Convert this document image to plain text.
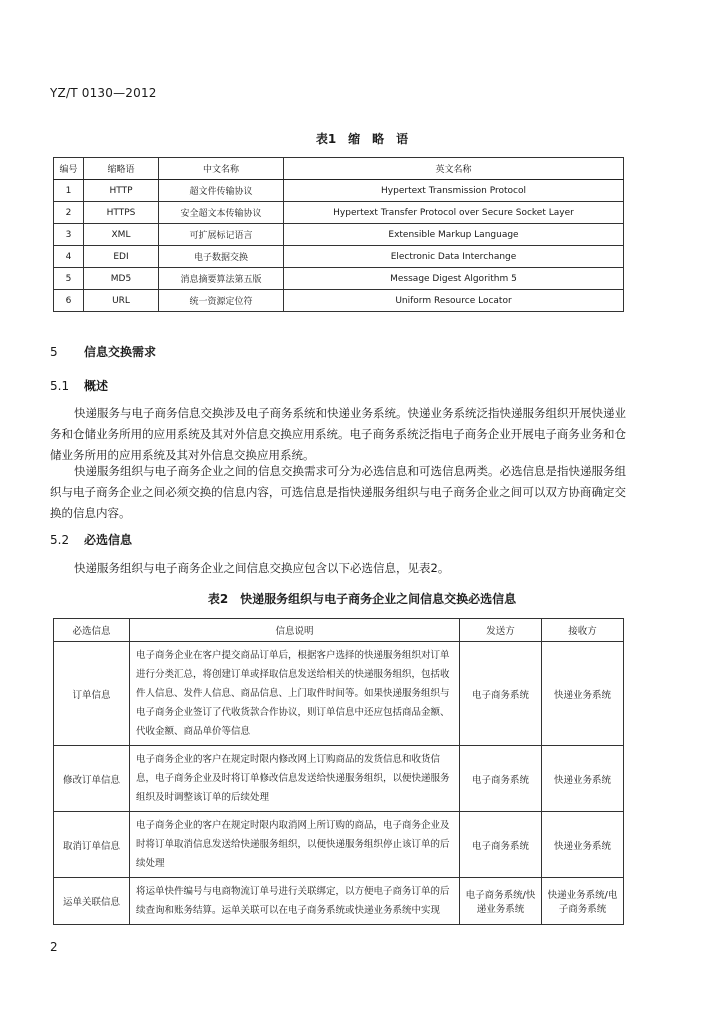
YZ/T 0130—2012
表1　缩　略　语
编号	缩略语	中文名称	英文名称
1	HTTP	超文件传输协议	Hypertext Transmission Protocol
2	HTTPS	安全超文本传输协议	Hypertext Transfer Protocol over Secure Socket Layer
3	XML	可扩展标记语言	Extensible Markup Language
4	EDI	电子数据交换	Electronic Data Interchange
5	MD5	消息摘要算法第五版	Message Digest Algorithm 5
6	URL	统一资源定位符	Uniform Resource Locator
5 信息交换需求
5.1 概述
快递服务与电子商务信息交换涉及电子商务系统和快递业务系统。快递业务系统泛指快递服务组织开展快递业务和仓储业务所用的应用系统及其对外信息交换应用系统。电子商务系统泛指电子商务企业开展电子商务业务和仓储业务所用的应用系统及其对外信息交换应用系统。
快递服务组织与电子商务企业之间的信息交换需求可分为必选信息和可选信息两类。必选信息是指快递服务组织与电子商务企业之间必须交换的信息内容，可选信息是指快递服务组织与电子商务企业之间可以双方协商确定交换的信息内容。
5.2 必选信息
快递服务组织与电子商务企业之间信息交换应包含以下必选信息，见表2。
表2　快递服务组织与电子商务企业之间信息交换必选信息
必选信息	信息说明	发送方	接收方
订单信息	电子商务企业在客户提交商品订单后，根据客户选择的快递服务组织对订单进行分类汇总，将创建订单或择取信息发送给相关的快递服务组织，包括收件人信息、发件人信息、商品信息、上门取件时间等。如果快递服务组织与电子商务企业签订了代收货款合作协议，则订单信息中还应包括商品金额、代收金额、商品单价等信息	电子商务系统	快递业务系统
修改订单信息	电子商务企业的客户在规定时限内修改网上订购商品的发货信息和收货信息，电子商务企业及时将订单修改信息发送给快递服务组织，以便快递服务组织及时调整该订单的后续处理	电子商务系统	快递业务系统
取消订单信息	电子商务企业的客户在规定时限内取消网上所订购的商品，电子商务企业及时将订单取消信息发送给快递服务组织，以便快递服务组织停止该订单的后续处理	电子商务系统	快递业务系统
运单关联信息	将运单快件编号与电商物流订单号进行关联绑定，以方便电子商务订单的后续查询和账务结算。运单关联可以在电子商务系统或快递业务系统中实现	电子商务系统/快递业务系统	快递业务系统/电子商务系统
2
